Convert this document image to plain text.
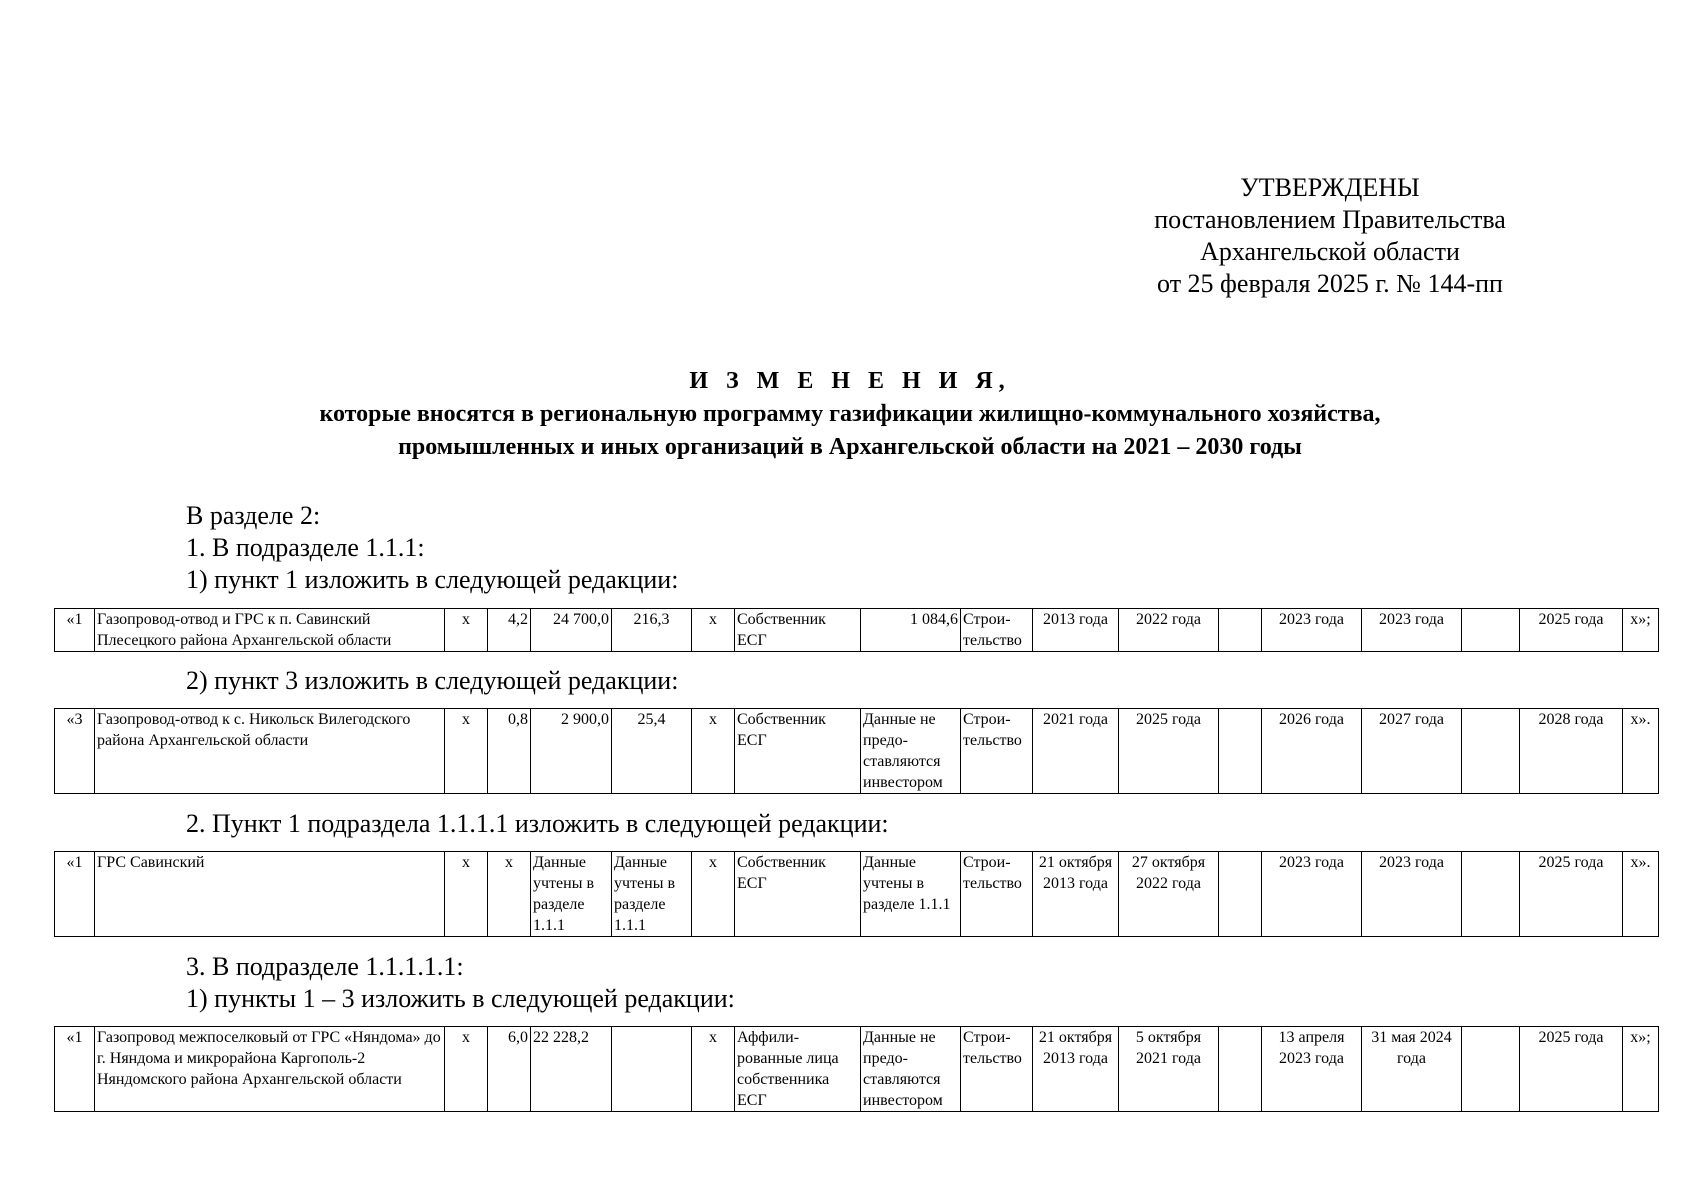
УТВЕРЖДЕНЫ
постановлением Правительства
Архангельской области
от 25 февраля 2025 г. № 144-пп
И З М Е Н Е Н И Я,
которые вносятся в региональную программу газификации жилищно-коммунального хозяйства,
промышленных и иных организаций в Архангельской области на 2021 – 2030 годы
В разделе 2:
1. В подразделе 1.1.1:
1) пункт 1 изложить в следующей редакции:
«1	Газопровод-отвод и ГРС к п. Савинский Плесецкого района Архангельской области	х	4,2	24 700,0	216,3	х	Собственник ЕСГ	1 084,6	Строи-тельство	2013 года	2022 года		2023 года	2023 года		2025 года	х»;
2) пункт 3 изложить в следующей редакции:
«3	Газопровод-отвод к с. Никольск Вилегодского района Архангельской области	х	0,8	2 900,0	25,4	х	Собственник ЕСГ	Данные не предо-ставляются инвестором	Строи-тельство	2021 года	2025 года		2026 года	2027 года		2028 года	х».
2. Пункт 1 подраздела 1.1.1.1 изложить в следующей редакции:
«1	ГРС Савинский	х	х	Данные учтены в разделе 1.1.1	Данные учтены в разделе 1.1.1	х	Собственник ЕСГ	Данные учтены в разделе 1.1.1	Строи-тельство	21 октября 2013 года	27 октября 2022 года		2023 года	2023 года		2025 года	х».
3. В подразделе 1.1.1.1.1:
1) пункты 1 – 3 изложить в следующей редакции:
«1	Газопровод межпоселковый от ГРС «Няндома» до г. Няндома и микрорайона Каргополь-2 Няндомского района Архангельской области	х	6,0	22 228,2		х	Аффили-рованные лица собственника ЕСГ	Данные не предо-ставляются инвестором	Строи-тельство	21 октября 2013 года	5 октября 2021 года		13 апреля 2023 года	31 мая 2024 года		2025 года	х»;
